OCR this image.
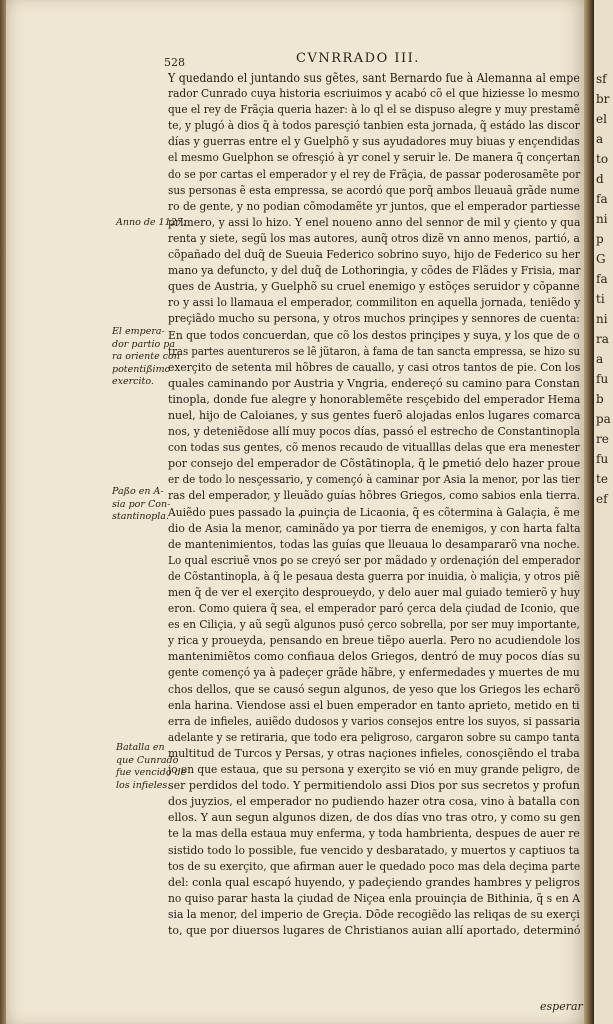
sf
br
el
a
to
d
fa
ni
p
G
fa
ti
ni
ra
a
fu
b
pa
re
fu
te
ef
528	CVNRRADO III.
Y quedando el juntando sus gẽtes, sant Bernardo fue à Alemanna al empe
rador Cunrado cuya historia escriuimos y acabó cõ el que hiziesse lo mesmo
que el rey de Frãçia queria hazer: à lo ql el se dispuso alegre y muy prestamẽ
te, y plugó à dios q̃ à todos paresçió tanbien esta jornada, q̃ estádo las discor
días y guerras entre el y Guelphõ y sus ayudadores muy biuas y ençendidas
el mesmo Guelphon se ofresçió à yr conel y seruir le. De manera q̃ conçertan
do se por cartas el emperador y el rey de Frãçia, de passar poderosamẽte por
sus personas ẽ esta empressa, se acordó que porq̃ ambos lleuauã grãde nume
ro de gente, y no podian cõmodamẽte yr juntos, que el emperador partiesse
primero, y assi lo hizo. Y enel noueno anno del sennor de mil y çiento y qua
renta y siete, segũ los mas autores, aunq̃ otros dizẽ vn anno menos, partió, a
cõpañado del duq̃ de Sueuia Federico sobrino suyo, hijo de Federico su her
mano ya defuncto, y del duq̃ de Lothoringia, y cõdes de Flãdes y Frisia, mar
ques de Austria, y Guelphõ su cruel enemigo y estõçes seruidor y cõpanne
ro y assi lo llamaua el emperador, commiliton en aquella jornada, teniẽdo y
preçiãdo mucho su persona, y otros muchos prinçipes y sennores de cuenta:
En que todos concuerdan, que cõ los destos prinçipes y suya, y los que de o
tras partes auentureros se lẽ jũtaron, à fama de tan sancta empressa, se hizo su
exerçito de setenta mil hõbres de cauallo, y casi otros tantos de pie. Con los
quales caminando por Austria y Vngria, endereçó su camino para Constan
tinopla, donde fue alegre y honorablemẽte resçebido del emperador Hema
nuel, hijo de Caloianes, y sus gentes fuerõ alojadas enlos lugares comarca
nos, y deteniẽdose allí muy pocos días, passó el estrecho de Constantinopla
con todas sus gentes, cõ menos recaudo de vitualllas delas que era menester
por consejo del emperador de Cõstãtinopla, q̃ le ꝑmetió delo hazer proue
er de todo lo nesçessario, y començó à caminar por Asia la menor, por las tier
ras del emperador, y lleuãdo guías hõbres Griegos, como sabios enla tierra.
Auiẽdo pues passado la ꝓuinçia de Licaonia, q̃ es cõtermina à Galaçia, ẽ me
dio de Asia la menor, caminãdo ya por tierra de enemigos, y con harta falta
de mantenimientos, todas las guías que lleuaua lo desampararõ vna noche.
Lo qual escriuẽ vnos ꝑo se creyó ser por mãdado y ordenaçión del emperador
de Cõstantinopla, à q̃ le pesaua desta guerra por inuidia, ò maliçia, y otros piẽ
men q̃ de ver el exerçito desproueydo, y delo auer mal guiado temierõ y huy
eron. Como quiera q̃ sea, el emperador paró çerca dela çiudad de Iconio, que
es en Ciliçia, y aũ segũ algunos pusó çerco sobrella, por ser muy importante,
y rica y proueyda, pensando en breue tiẽpo auerla. Pero no acudiendole los
mantenimiẽtos como confiaua delos Griegos, dentró de muy pocos días su
gente començó ya à padeçer grãde hãbre, y enfermedades y muertes de mu
chos dellos, que se causó segun algunos, de yeso que los Griegos les echarõ
enla harina. Viendose assi el buen emperador en tanto aprieto, metido en ti
erra de infieles, auiẽdo dudosos y varios consejos entre los suyos, si passaria
adelante y se retiraria, que todo era peligroso, cargaron sobre su campo tanta
multitud de Turcos y Persas, y otras naçiones infieles, conosçiẽndo el traba
jo en que estaua, que su persona y exerçito se vió en muy grande peligro, de
ser perdidos del todo. Y permitiendolo assi Dios por sus secretos y profun
dos juyzios, el emperador no pudiendo hazer otra cosa, vino à batalla con
ellos. Y aun segun algunos dizen, de dos días vno tras otro, y como su gen
te la mas della estaua muy enferma, y toda hambrienta, despues de auer re
sistido todo lo possible, fue vencido y desbaratado, y muertos y captiuos ta
tos de su exerçito, que afirman auer le quedado poco mas dela deçima parte
del: conla qual escapó huyendo, y padeçiendo grandes hambres y peligros
no quiso parar hasta la çiudad de Niçea enla prouinçia de Bithinia, q̃ s en A
sia la menor, del imperio de Greçia. Dõde recogiẽdo las reliqas de su exerçi
to, que por diuersos lugares de Christianos auian allí aportado, determinó
Anno de 1127.
El empera-
dor partio pa
ra oriente con
potentißimo
exercito.
Paßo en A-
sia por Con-
stantinopla.
Batalla en
que Cunrado
fue vencido de
los infieles.
esperar
